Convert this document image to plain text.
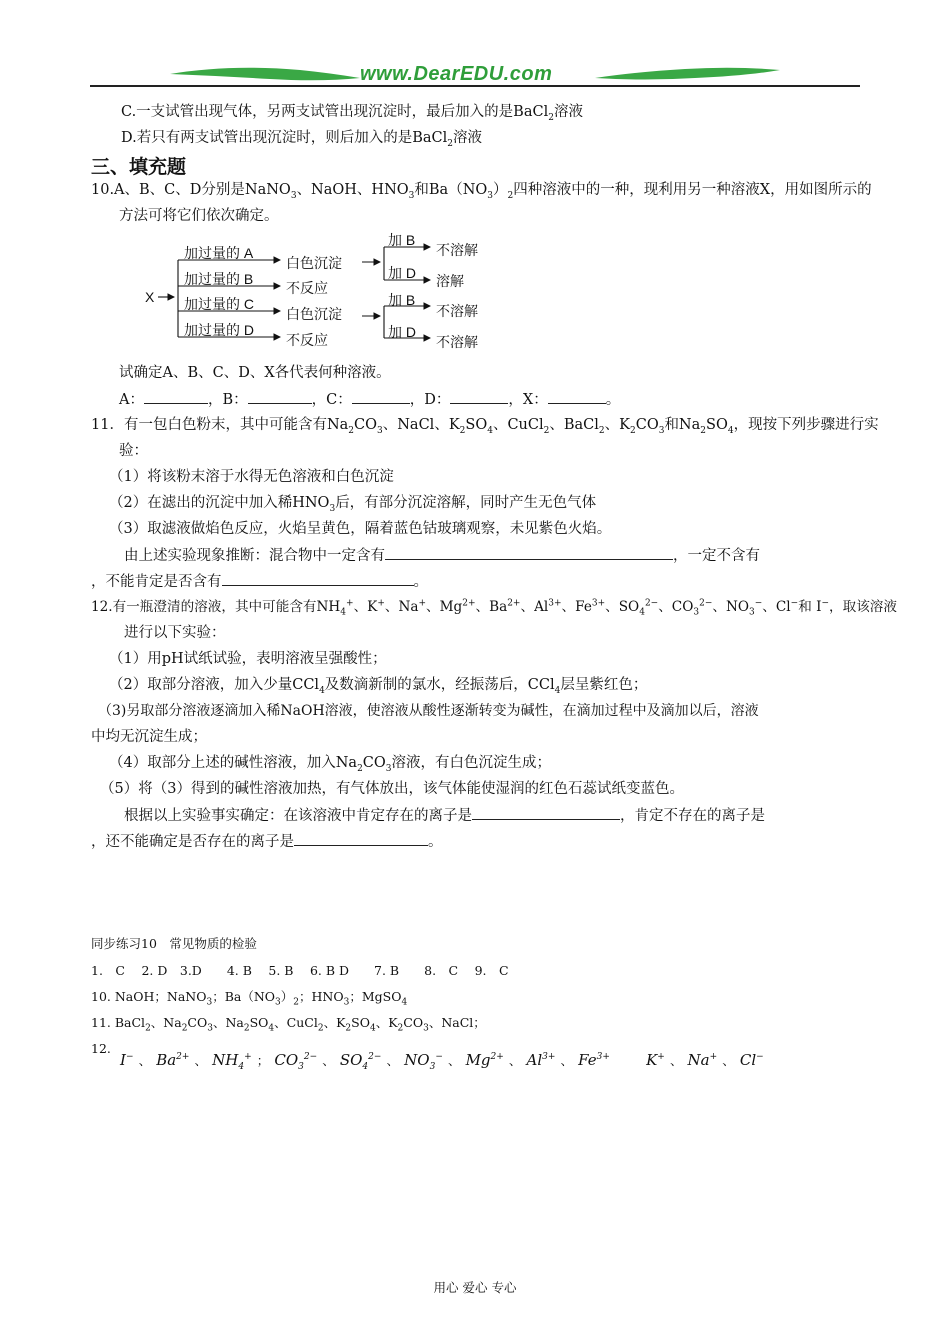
www.DearEDU.com
C.一支试管出现气体，另两支试管出现沉淀时，最后加入的是BaCl$_2$溶液
D.若只有两支试管出现沉淀时，则后加入的是BaCl$_2$溶液
三、填充题
10.A、B、C、D分别是NaNO$_3$、NaOH、$HNO_3$和$Ba(NO_3)_2$四种溶液中的一种，现利用另一种溶液X，用如图所示的
方法可将它们依次确定。
X
加过量的 A
加过量的 B
加过量的 C
加过量的 D
白色沉淀
不反应
白色沉淀
不反应
加 B
加 D
不溶解
溶解
加 B
加 D
不溶解
不溶解
试确定A、B、C、D、X各代表何种溶液。
A：	，B：	，C：	，D：	，X：	。
11．有一包白色粉末，其中可能含有$Na_2CO_3$、NaCl、$K_2SO_4$、CuCl$_2$、BaCl$_2$、$K_2CO_3$和$Na_2SO_4$，现按下列步骤进行实
验：
（1）将该粉末溶于水得无色溶液和白色沉淀
（2）在滤出的沉淀中加入稀$HNO_3$后，有部分沉淀溶解，同时产生无色气体
（3）取滤液做焰色反应，火焰呈黄色，隔着蓝色钴玻璃观察，未见紫色火焰。
由上述实验现象推断：混合物中一定含有	，一定不含有
，不能肯定是否含有	。
12.有一瓶澄清的溶液，其中可能含有$NH_4^+$、K+、Na+、$Mg^{2+}$、$Ba^{2+}$、$Al^{3+}$、$Fe^{3+}$、$SO_4^{2-}$、$CO_3^{2-}$、$NO_3^-$、Cl−和 I−，取该溶液
进行以下实验：
（1）用pH试纸试验，表明溶液呈强酸性；
（2）取部分溶液，加入少量CCl$_4$及数滴新制的氯水，经振荡后，CCl$_4$层呈紫红色；
（3)另取部分溶液逐滴加入稀NaOH溶液，使溶液从酸性逐渐转变为碱性，在滴加过程中及滴加以后，溶液
中均无沉淀生成；
（4）取部分上述的碱性溶液，加入$Na_2CO_3$溶液，有白色沉淀生成；
（5）将（3）得到的碱性溶液加热，有气体放出，该气体能使湿润的红色石蕊试纸变蓝色。
根据以上实验事实确定：在该溶液中肯定存在的离子是	，肯定不存在的离子是
，还不能确定是否存在的离子是	。
同步练习10　常见物质的检验
1.　C　 2. D　3.D　　4. B　 5. B　 6. B D　　7. B　　8.　C　 9.　C
10. NaOH；NaNO$_3$；$Ba(NO_3)_2$；$HNO_3$；MgSO$_4$
11. BaCl$_2$、$Na_2CO_3$、$Na_2SO_4$、CuCl$_2$、$K_2SO_4$、$K_2CO_3$、NaCl；
12.
I− 、 $Ba^{2+}$ 、 $NH_4^+$ ； $CO_3^{2-}$ 、 $SO_4^{2-}$ 、 $NO_3^-$ 、 $Mg^{2+}$ 、 $Al^{3+}$ 、 $Fe^{3+}$ K+ 、 Na+ 、 Cl−
用心 爱心 专心
